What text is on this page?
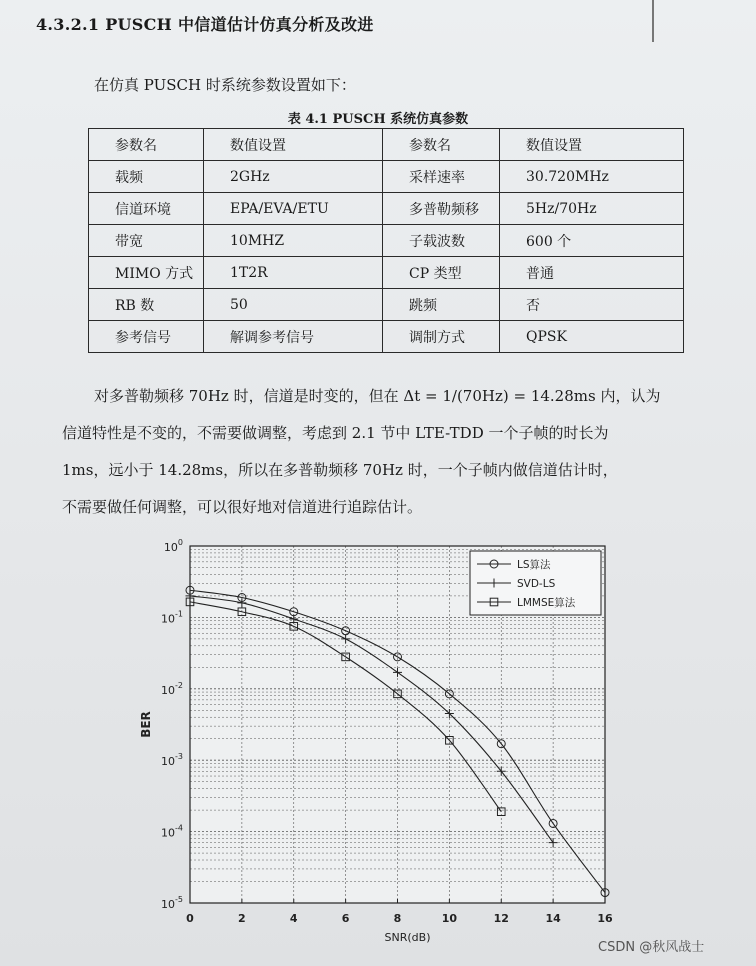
4.3.2.1 PUSCH 中信道估计仿真分析及改进
在仿真 PUSCH 时系统参数设置如下：
表 4.1 PUSCH 系统仿真参数
参数名	数值设置	参数名	数值设置
载频	2GHz	采样速率	30.720MHz
信道环境	EPA/EVA/ETU	多普勒频移	5Hz/70Hz
带宽	10MHZ	子载波数	600 个
MIMO 方式	1T2R	CP 类型	普通
RB 数	50	跳频	否
参考信号	解调参考信号	调制方式	QPSK

对多普勒频移 70Hz 时，信道是时变的，但在 Δt = 1/(70Hz) = 14.28ms 内，认为

信道特性是不变的，不需要做调整，考虑到 2.1 节中 LTE-TDD 一个子帧的时长为

1ms，远小于 14.28ms，所以在多普勒频移 70Hz 时，一个子帧内做信道估计时，

不需要做任何调整，可以很好地对信道进行追踪估计。

0	2	4	6	8	10	12	14	16
$10^0$
$10^{-1}$
$10^{-2}$
$10^{-3}$
$10^{-4}$
$10^{-5}$
SNR(dB)
BER
LS算法
SVD-LS
LMMSE算法
CSDN @秋风战士
